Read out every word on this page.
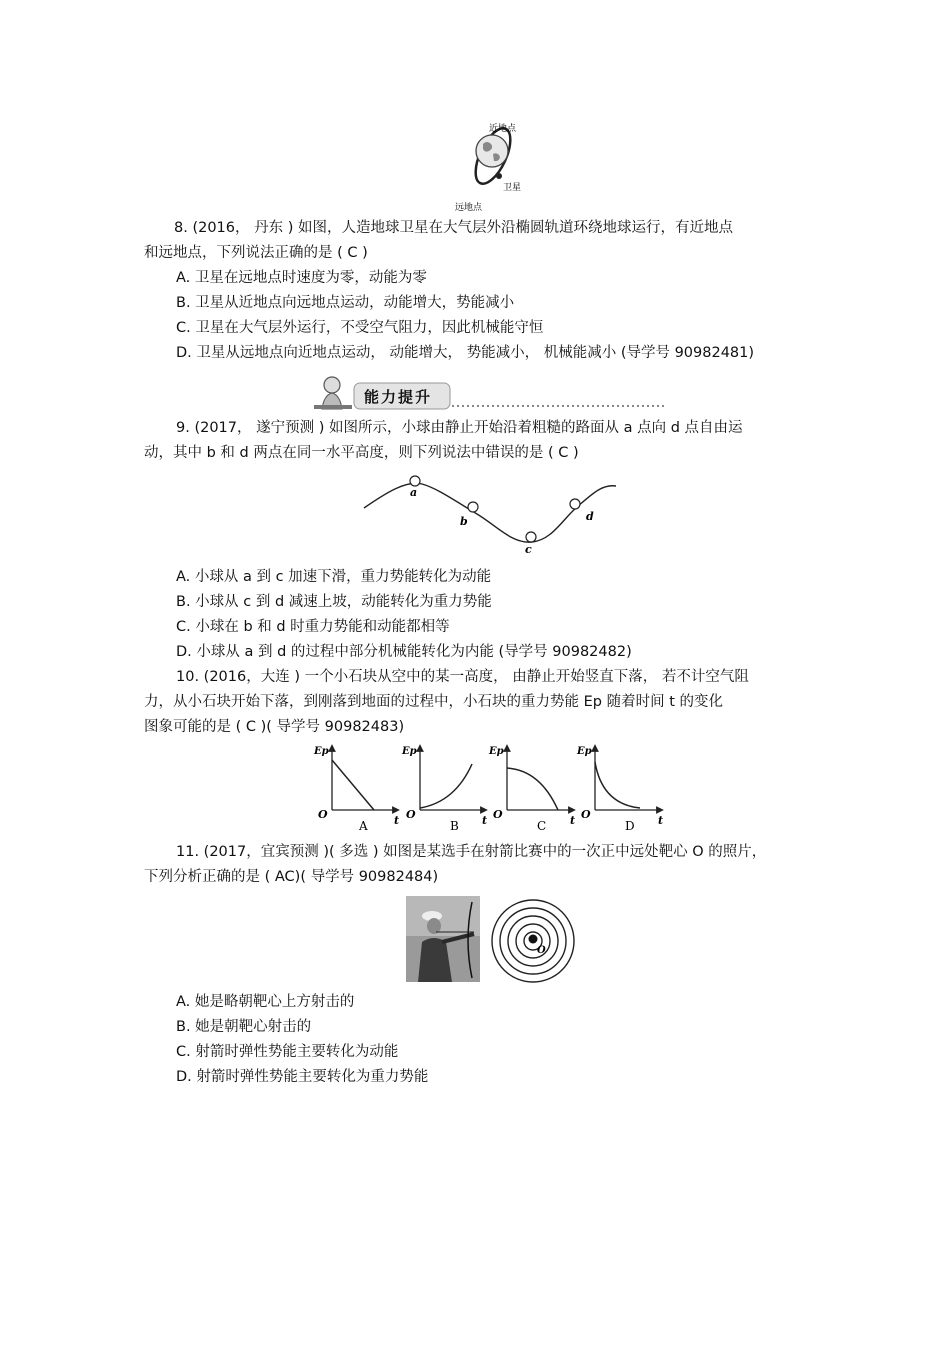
近地点
卫星
远地点
8. (2016， 丹东 ) 如图，人造地球卫星在大气层外沿椭圆轨道环绕地球运行，有近地点
和远地点，下列说法正确的是 ( C )
A. 卫星在远地点时速度为零，动能为零
B. 卫星从近地点向远地点运动，动能增大，势能减小
C. 卫星在大气层外运行，不受空气阻力，因此机械能守恒
D. 卫星从远地点向近地点运动， 动能增大， 势能减小， 机械能减小 (导学号 90982481)
能力提升
9. (2017， 遂宁预测 ) 如图所示，小球由静止开始沿着粗糙的路面从 a 点向 d 点自由运
动，其中 b 和 d 两点在同一水平高度，则下列说法中错误的是 ( C )
a
b
c
d
A. 小球从 a 到 c 加速下滑，重力势能转化为动能
B. 小球从 c 到 d 减速上坡，动能转化为重力势能
C. 小球在 b 和 d 时重力势能和动能都相等
D. 小球从 a 到 d 的过程中部分机械能转化为内能 (导学号 90982482)
10. (2016，大连 ) 一个小石块从空中的某一高度， 由静止开始竖直下落， 若不计空气阻
力，从小石块开始下落，到刚落到地面的过程中，小石块的重力势能 Ep 随着时间 t 的变化
图象可能的是 ( C )( 导学号 90982483)
Ep
O	t
A
Ep
O	t
B
Ep
O	t
C
Ep
O	t
D
11. (2017，宜宾预测 )( 多选 ) 如图是某选手在射箭比赛中的一次正中远处靶心 O 的照片，
下列分析正确的是 ( AC)( 导学号 90982484)
O
A. 她是略朝靶心上方射击的
B. 她是朝靶心射击的
C. 射箭时弹性势能主要转化为动能
D. 射箭时弹性势能主要转化为重力势能
